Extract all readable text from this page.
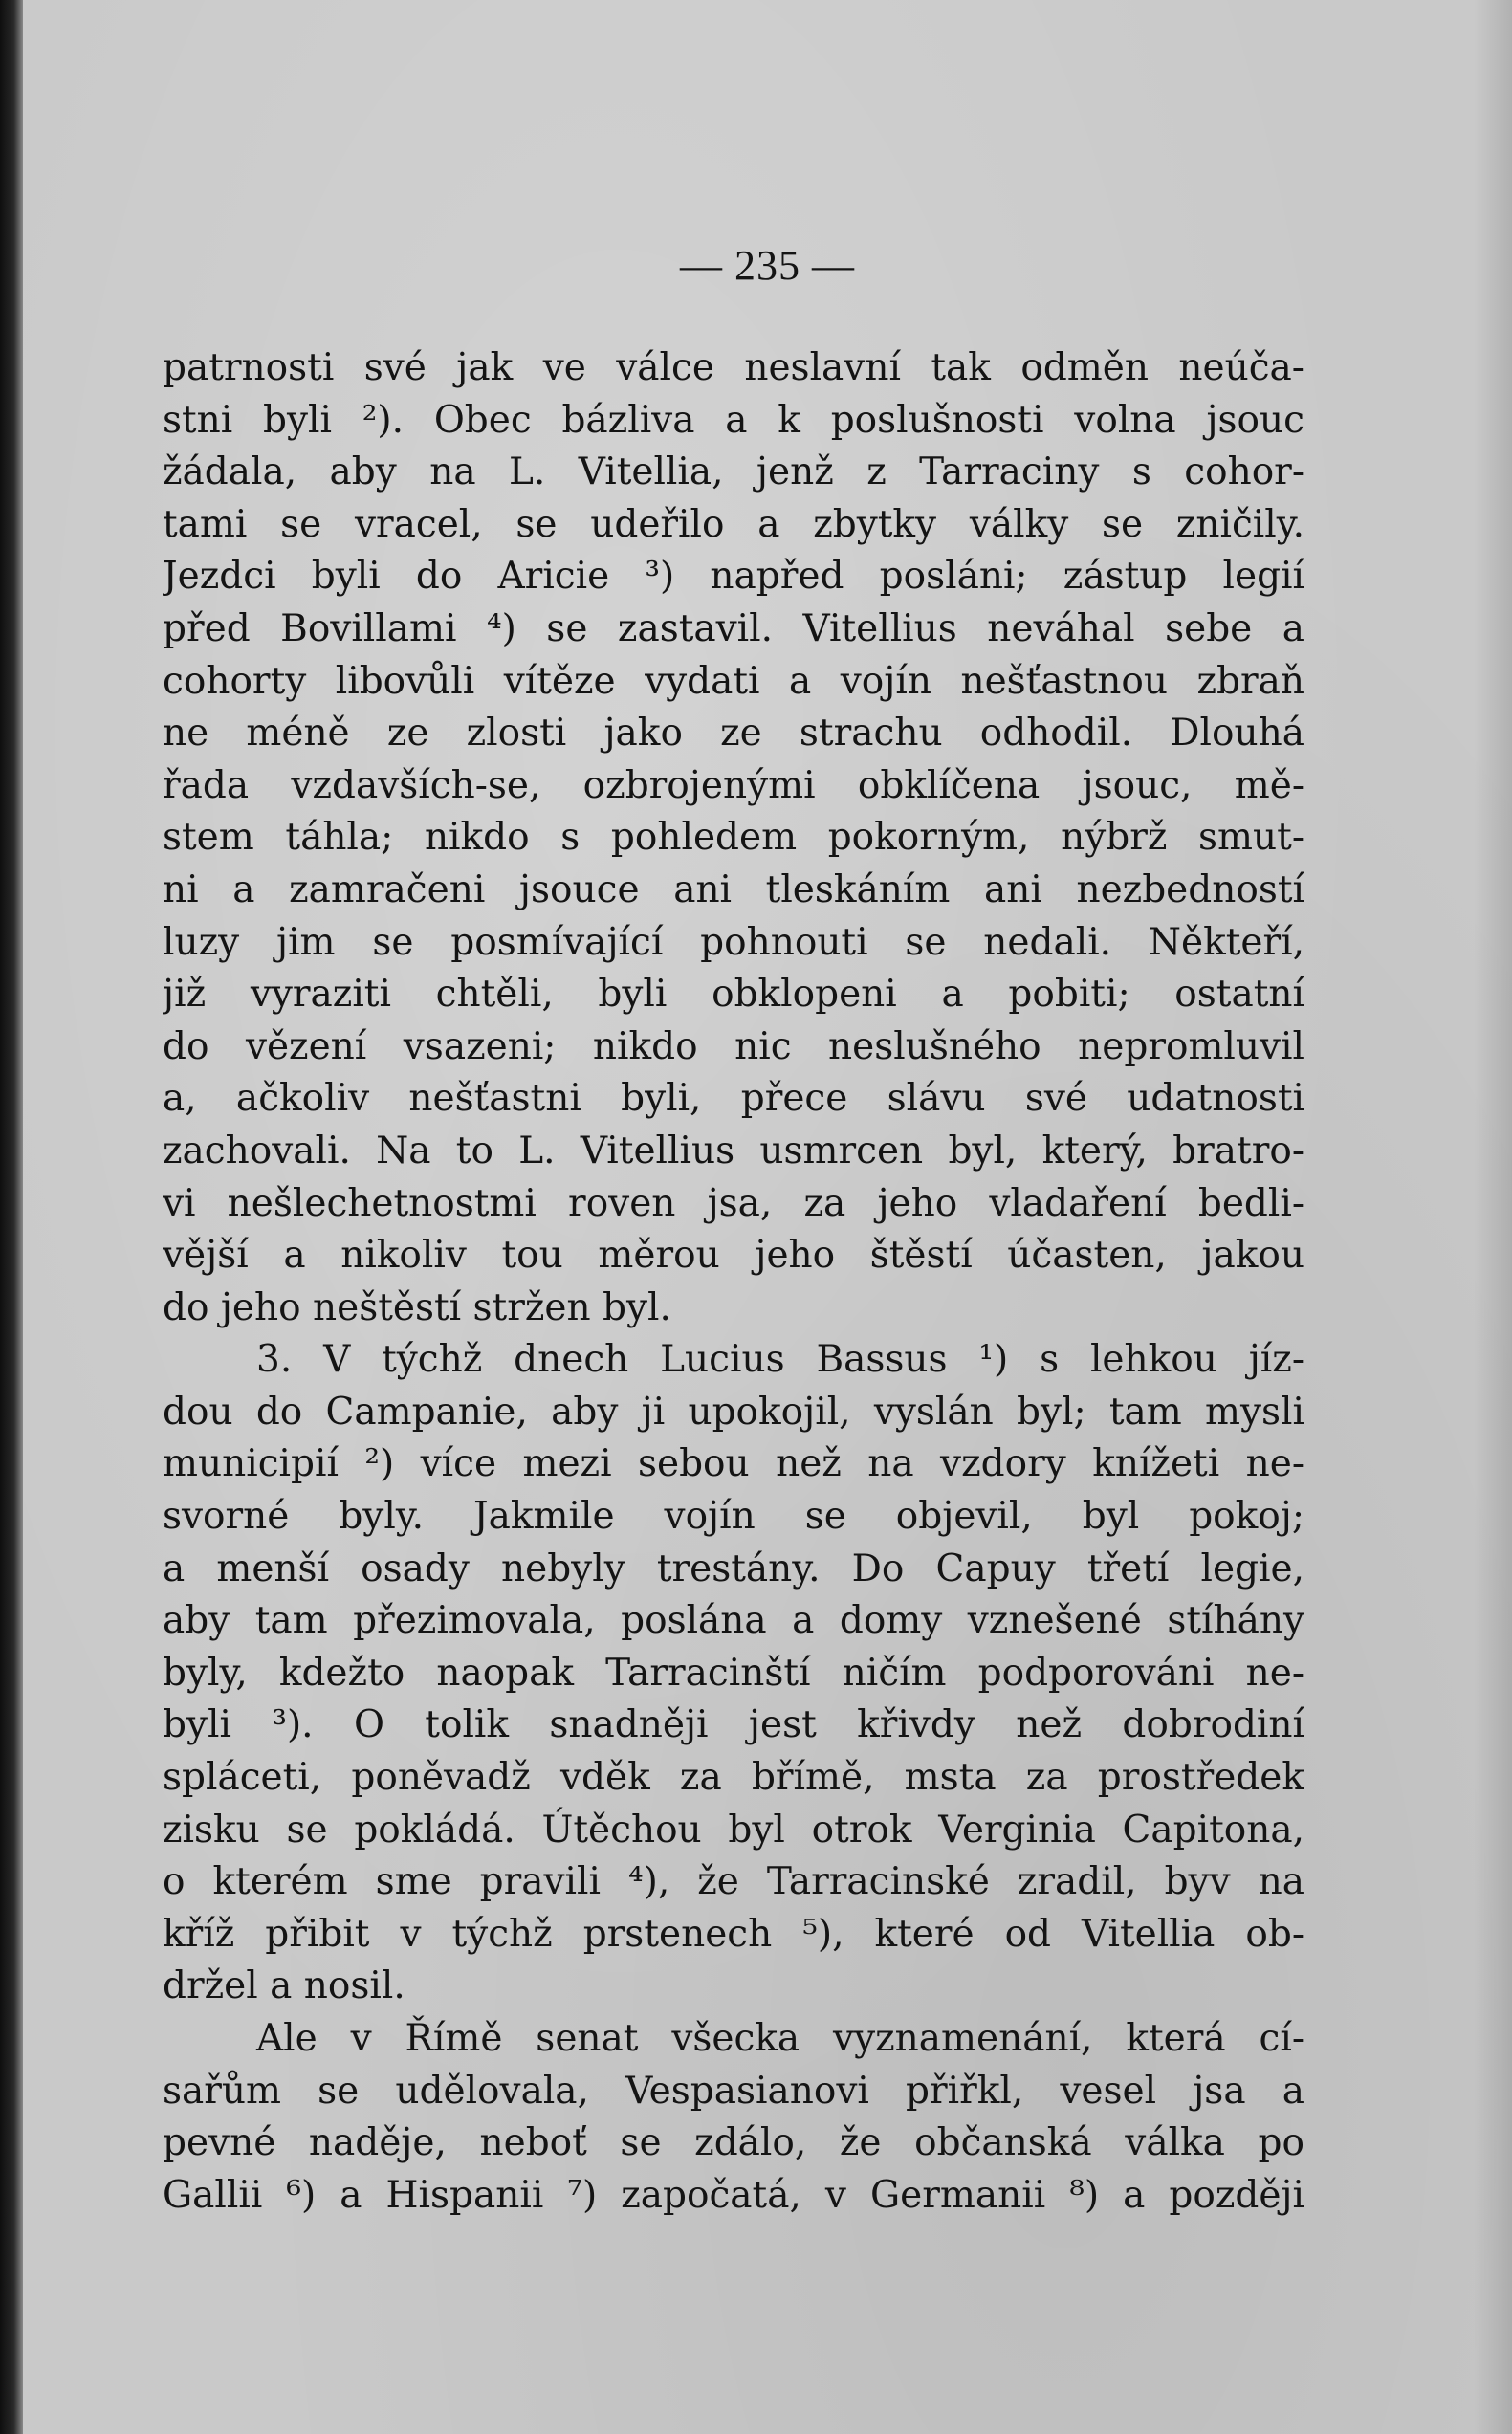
— 235 —
patrnosti své jak ve válce neslavní tak odměn neúča-
stni byli ²). Obec bázliva a k poslušnosti volna jsouc
žádala, aby na L. Vitellia, jenž z Tarraciny s cohor-
tami se vracel, se udeřilo a zbytky války se zničily.
Jezdci byli do Aricie ³) napřed posláni; zástup legií
před Bovillami ⁴) se zastavil. Vitellius neváhal sebe a
cohorty libovůli vítěze vydati a vojín nešťastnou zbraň
ne méně ze zlosti jako ze strachu odhodil. Dlouhá
řada vzdavších-se, ozbrojenými obklíčena jsouc, mě-
stem táhla; nikdo s pohledem pokorným, nýbrž smut-
ni a zamračeni jsouce ani tleskáním ani nezbedností
luzy jim se posmívající pohnouti se nedali. Někteří,
již vyraziti chtěli, byli obklopeni a pobiti; ostatní
do vězení vsazeni; nikdo nic neslušného nepromluvil
a, ačkoliv nešťastni byli, přece slávu své udatnosti
zachovali. Na to L. Vitellius usmrcen byl, který, bratro-
vi nešlechetnostmi roven jsa, za jeho vladaření bedli-
vější a nikoliv tou měrou jeho štěstí účasten, jakou
do jeho neštěstí stržen byl.
3. V týchž dnech Lucius Bassus ¹) s lehkou jíz-
dou do Campanie, aby ji upokojil, vyslán byl; tam mysli
municipií ²) více mezi sebou než na vzdory knížeti ne-
svorné byly. Jakmile vojín se objevil, byl pokoj;
a menší osady nebyly trestány. Do Capuy třetí legie,
aby tam přezimovala, poslána a domy vznešené stíhány
byly, kdežto naopak Tarracinští ničím podporováni ne-
byli ³). O tolik snadněji jest křivdy než dobrodiní
spláceti, poněvadž vděk za břímě, msta za prostředek
zisku se pokládá. Útěchou byl otrok Verginia Capitona,
o kterém sme pravili ⁴), že Tarracinské zradil, byv na
kříž přibit v týchž prstenech ⁵), které od Vitellia ob-
držel a nosil.
Ale v Římě senat všecka vyznamenání, která cí-
sařům se udělovala, Vespasianovi přiřkl, vesel jsa a
pevné naděje, neboť se zdálo, že občanská válka po
Gallii ⁶) a Hispanii ⁷) započatá, v Germanii ⁸) a později
